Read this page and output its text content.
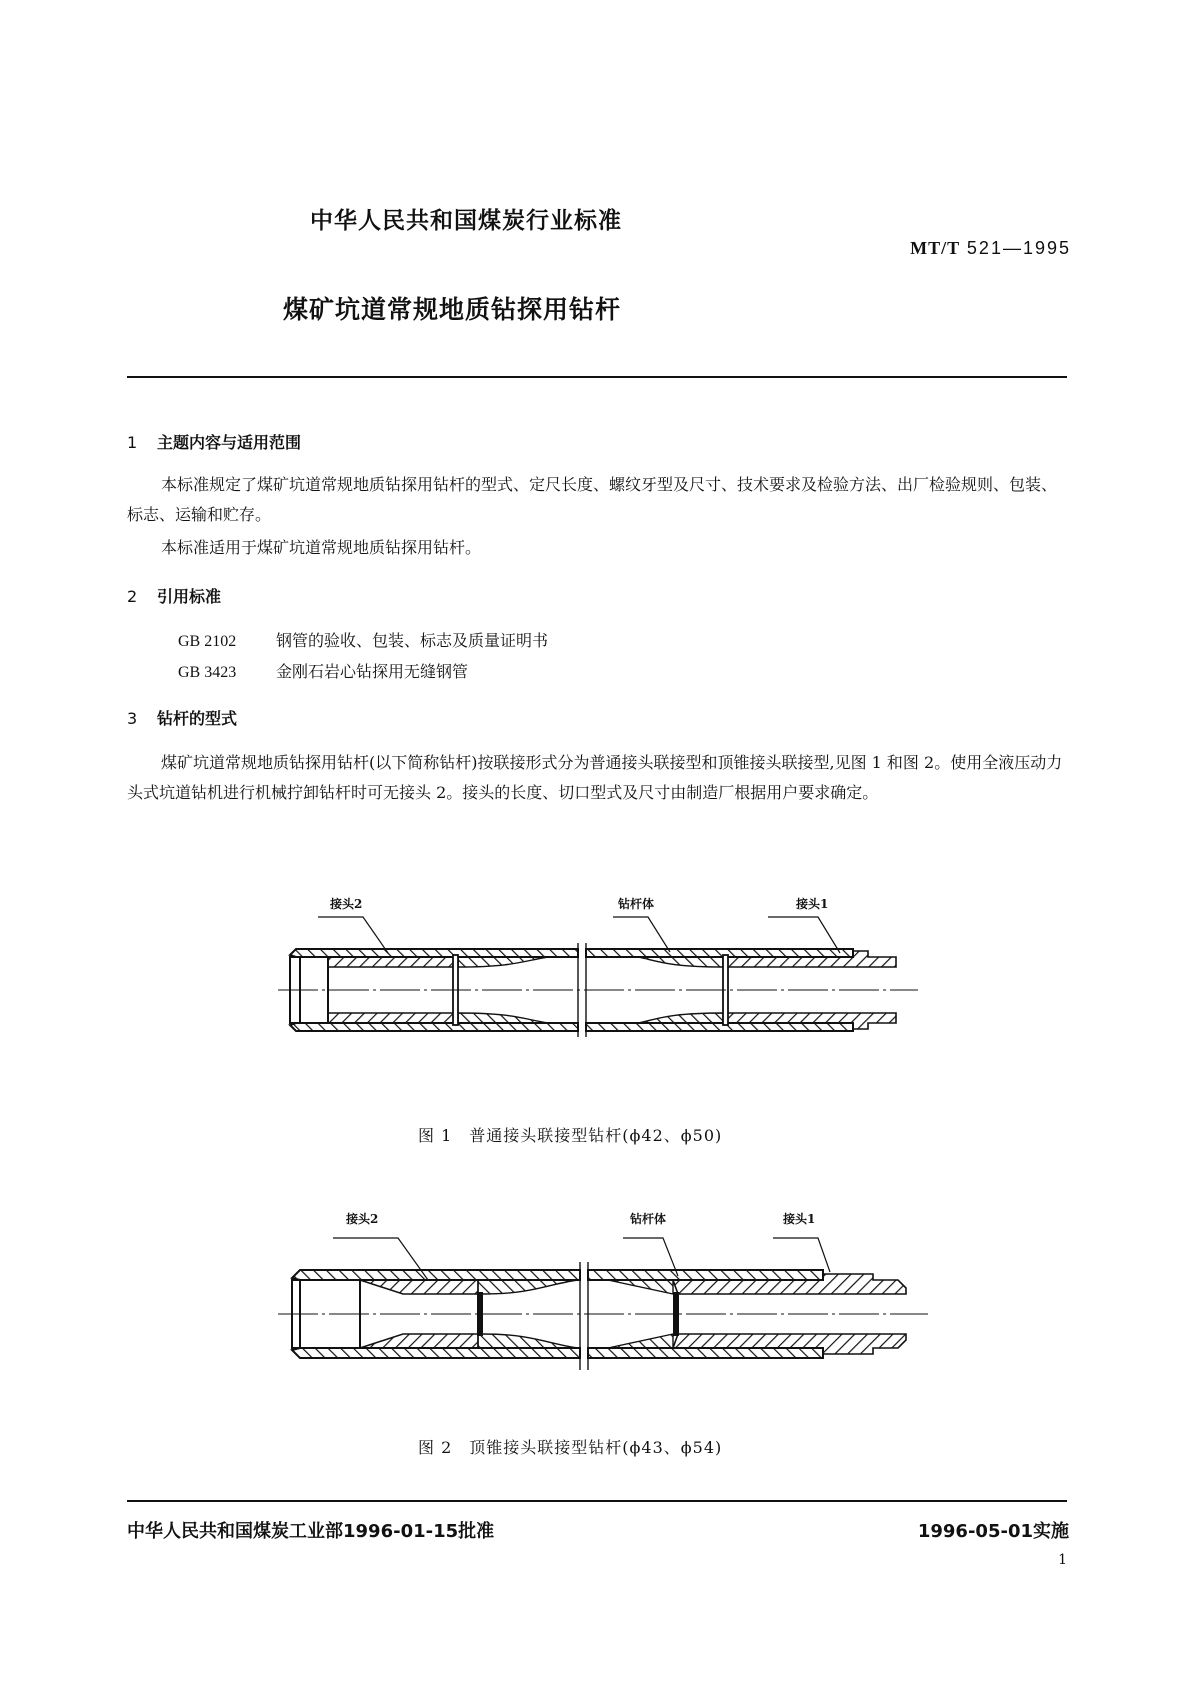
中华人民共和国煤炭行业标准
MT/T 521—1995
煤矿坑道常规地质钻探用钻杆
1 主题内容与适用范围
本标准规定了煤矿坑道常规地质钻探用钻杆的型式、定尺长度、螺纹牙型及尺寸、技术要求及检验方法、出厂检验规则、包装、标志、运输和贮存。
本标准适用于煤矿坑道常规地质钻探用钻杆。
2 引用标准
GB 2102 钢管的验收、包装、标志及质量证明书
GB 3423 金刚石岩心钻探用无缝钢管
3 钻杆的型式
煤矿坑道常规地质钻探用钻杆(以下简称钻杆)按联接形式分为普通接头联接型和顶锥接头联接型,见图 1 和图 2。使用全液压动力头式坑道钻机进行机械拧卸钻杆时可无接头 2。接头的长度、切口型式及尺寸由制造厂根据用户要求确定。
接头2	钻杆体	接头1
图 1　普通接头联接型钻杆(ϕ42、ϕ50)
接头2	钻杆体	接头1
图 2　顶锥接头联接型钻杆(ϕ43、ϕ54)
中华人民共和国煤炭工业部1996-01-15批准	1996-05-01实施
1
